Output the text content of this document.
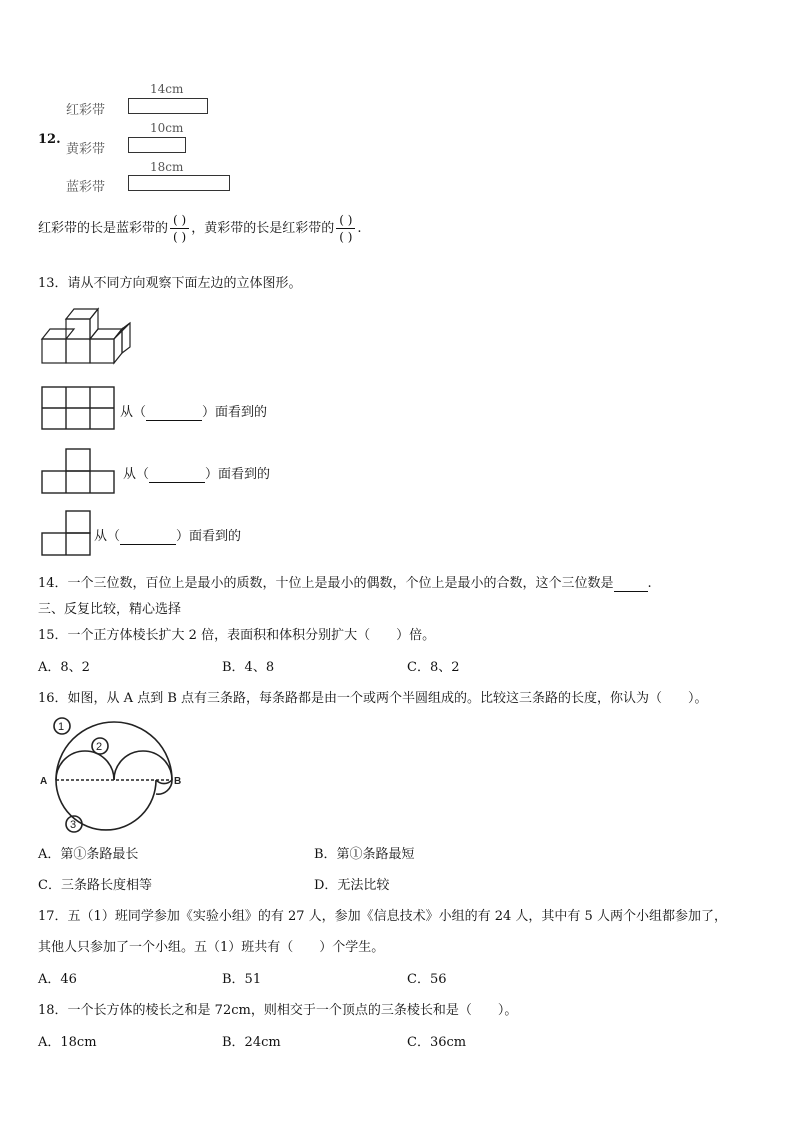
12.
14cm
红彩带
10cm
黄彩带
18cm
蓝彩带
红彩带的长是蓝彩带的 $\frac{( )}{( )}$ ，黄彩带的长是红彩带的 $\frac{( )}{( )}$ .
13．请从不同方向观察下面左边的立体图形。
从（	）面看到的
从（	）面看到的
从（	）面看到的
14．一个三位数，百位上是最小的质数，十位上是最小的偶数，个位上是最小的合数，这个三位数是	.
三、反复比较，精心选择
15．一个正方体棱长扩大 2 倍，表面积和体积分别扩大（　　）倍。
A．8、2	B．4、8	C．8、2
16．如图，从 A 点到 B 点有三条路，每条路都是由一个或两个半圆组成的。比较这三条路的长度，你认为（　　）。
A	B
1
2
3
A．第①条路最长	B．第①条路最短
C．三条路长度相等	D．无法比较
17．五（1）班同学参加《实验小组》的有 27 人，参加《信息技术》小组的有 24 人，其中有 5 人两个小组都参加了，
其他人只参加了一个小组。五（1）班共有（　　）个学生。
A．46	B．51	C．56
18．一个长方体的棱长之和是 72cm，则相交于一个顶点的三条棱长和是（　　）。
A．18cm	B．24cm	C．36cm
